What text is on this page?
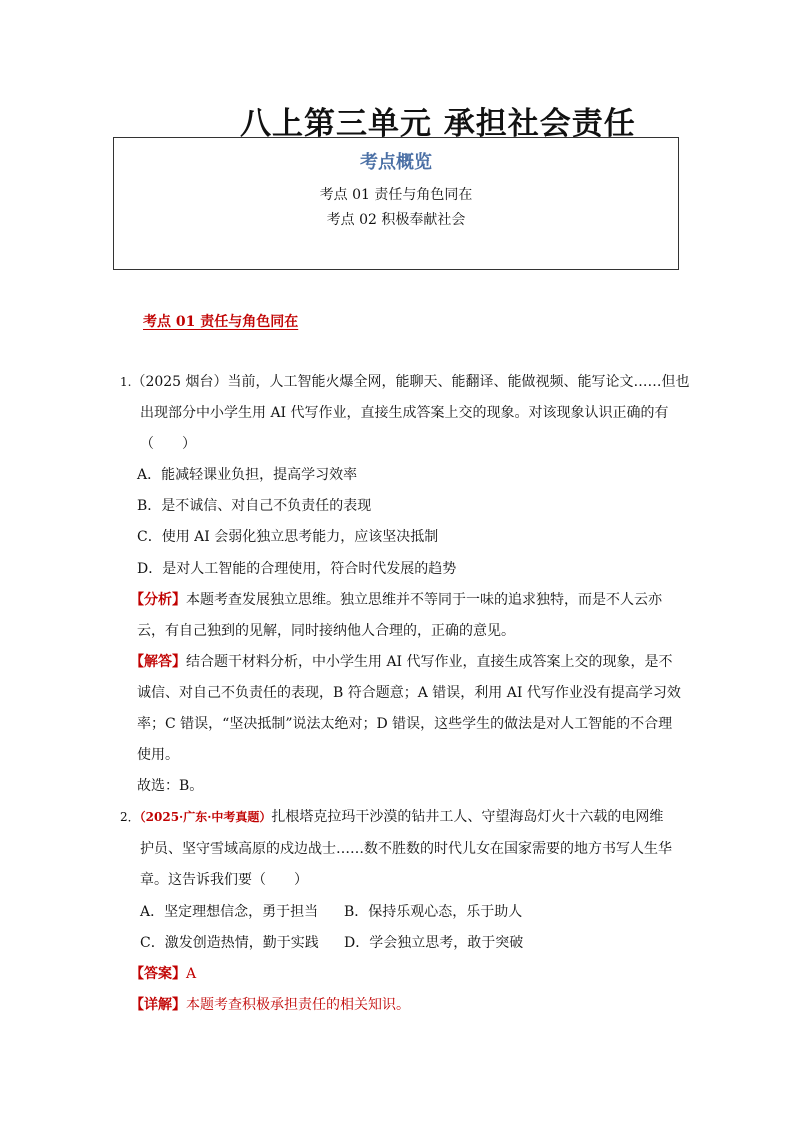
八上第三单元 承担社会责任
考点概览
考点 01 责任与角色同在
考点 02 积极奉献社会
考点 01 责任与角色同在
1.（2025 烟台）当前，人工智能火爆全网，能聊天、能翻译、能做视频、能写论文……但也
出现部分中小学生用 AI 代写作业，直接生成答案上交的现象。对该现象认识正确的有
（ ）
A．能减轻课业负担，提高学习效率
B．是不诚信、对自己不负责任的表现
C．使用 AI 会弱化独立思考能力，应该坚决抵制
D．是对人工智能的合理使用，符合时代发展的趋势
【分析】本题考查发展独立思维。独立思维并不等同于一味的追求独特，而是不人云亦
云，有自己独到的见解，同时接纳他人合理的，正确的意见。
【解答】结合题干材料分析，中小学生用 AI 代写作业，直接生成答案上交的现象，是不
诚信、对自己不负责任的表现，B 符合题意；A 错误，利用 AI 代写作业没有提高学习效
率；C 错误，“坚决抵制”说法太绝对；D 错误，这些学生的做法是对人工智能的不合理
使用。
故选：B。
2．（2025·广东·中考真题）扎根塔克拉玛干沙漠的钻井工人、守望海岛灯火十六载的电网维
护员、坚守雪域高原的戍边战士……数不胜数的时代儿女在国家需要的地方书写人生华
章。这告诉我们要（　　）
A．坚定理想信念，勇于担当 B．保持乐观心态，乐于助人
C．激发创造热情，勤于实践 D．学会独立思考，敢于突破
【答案】A
【详解】本题考查积极承担责任的相关知识。
